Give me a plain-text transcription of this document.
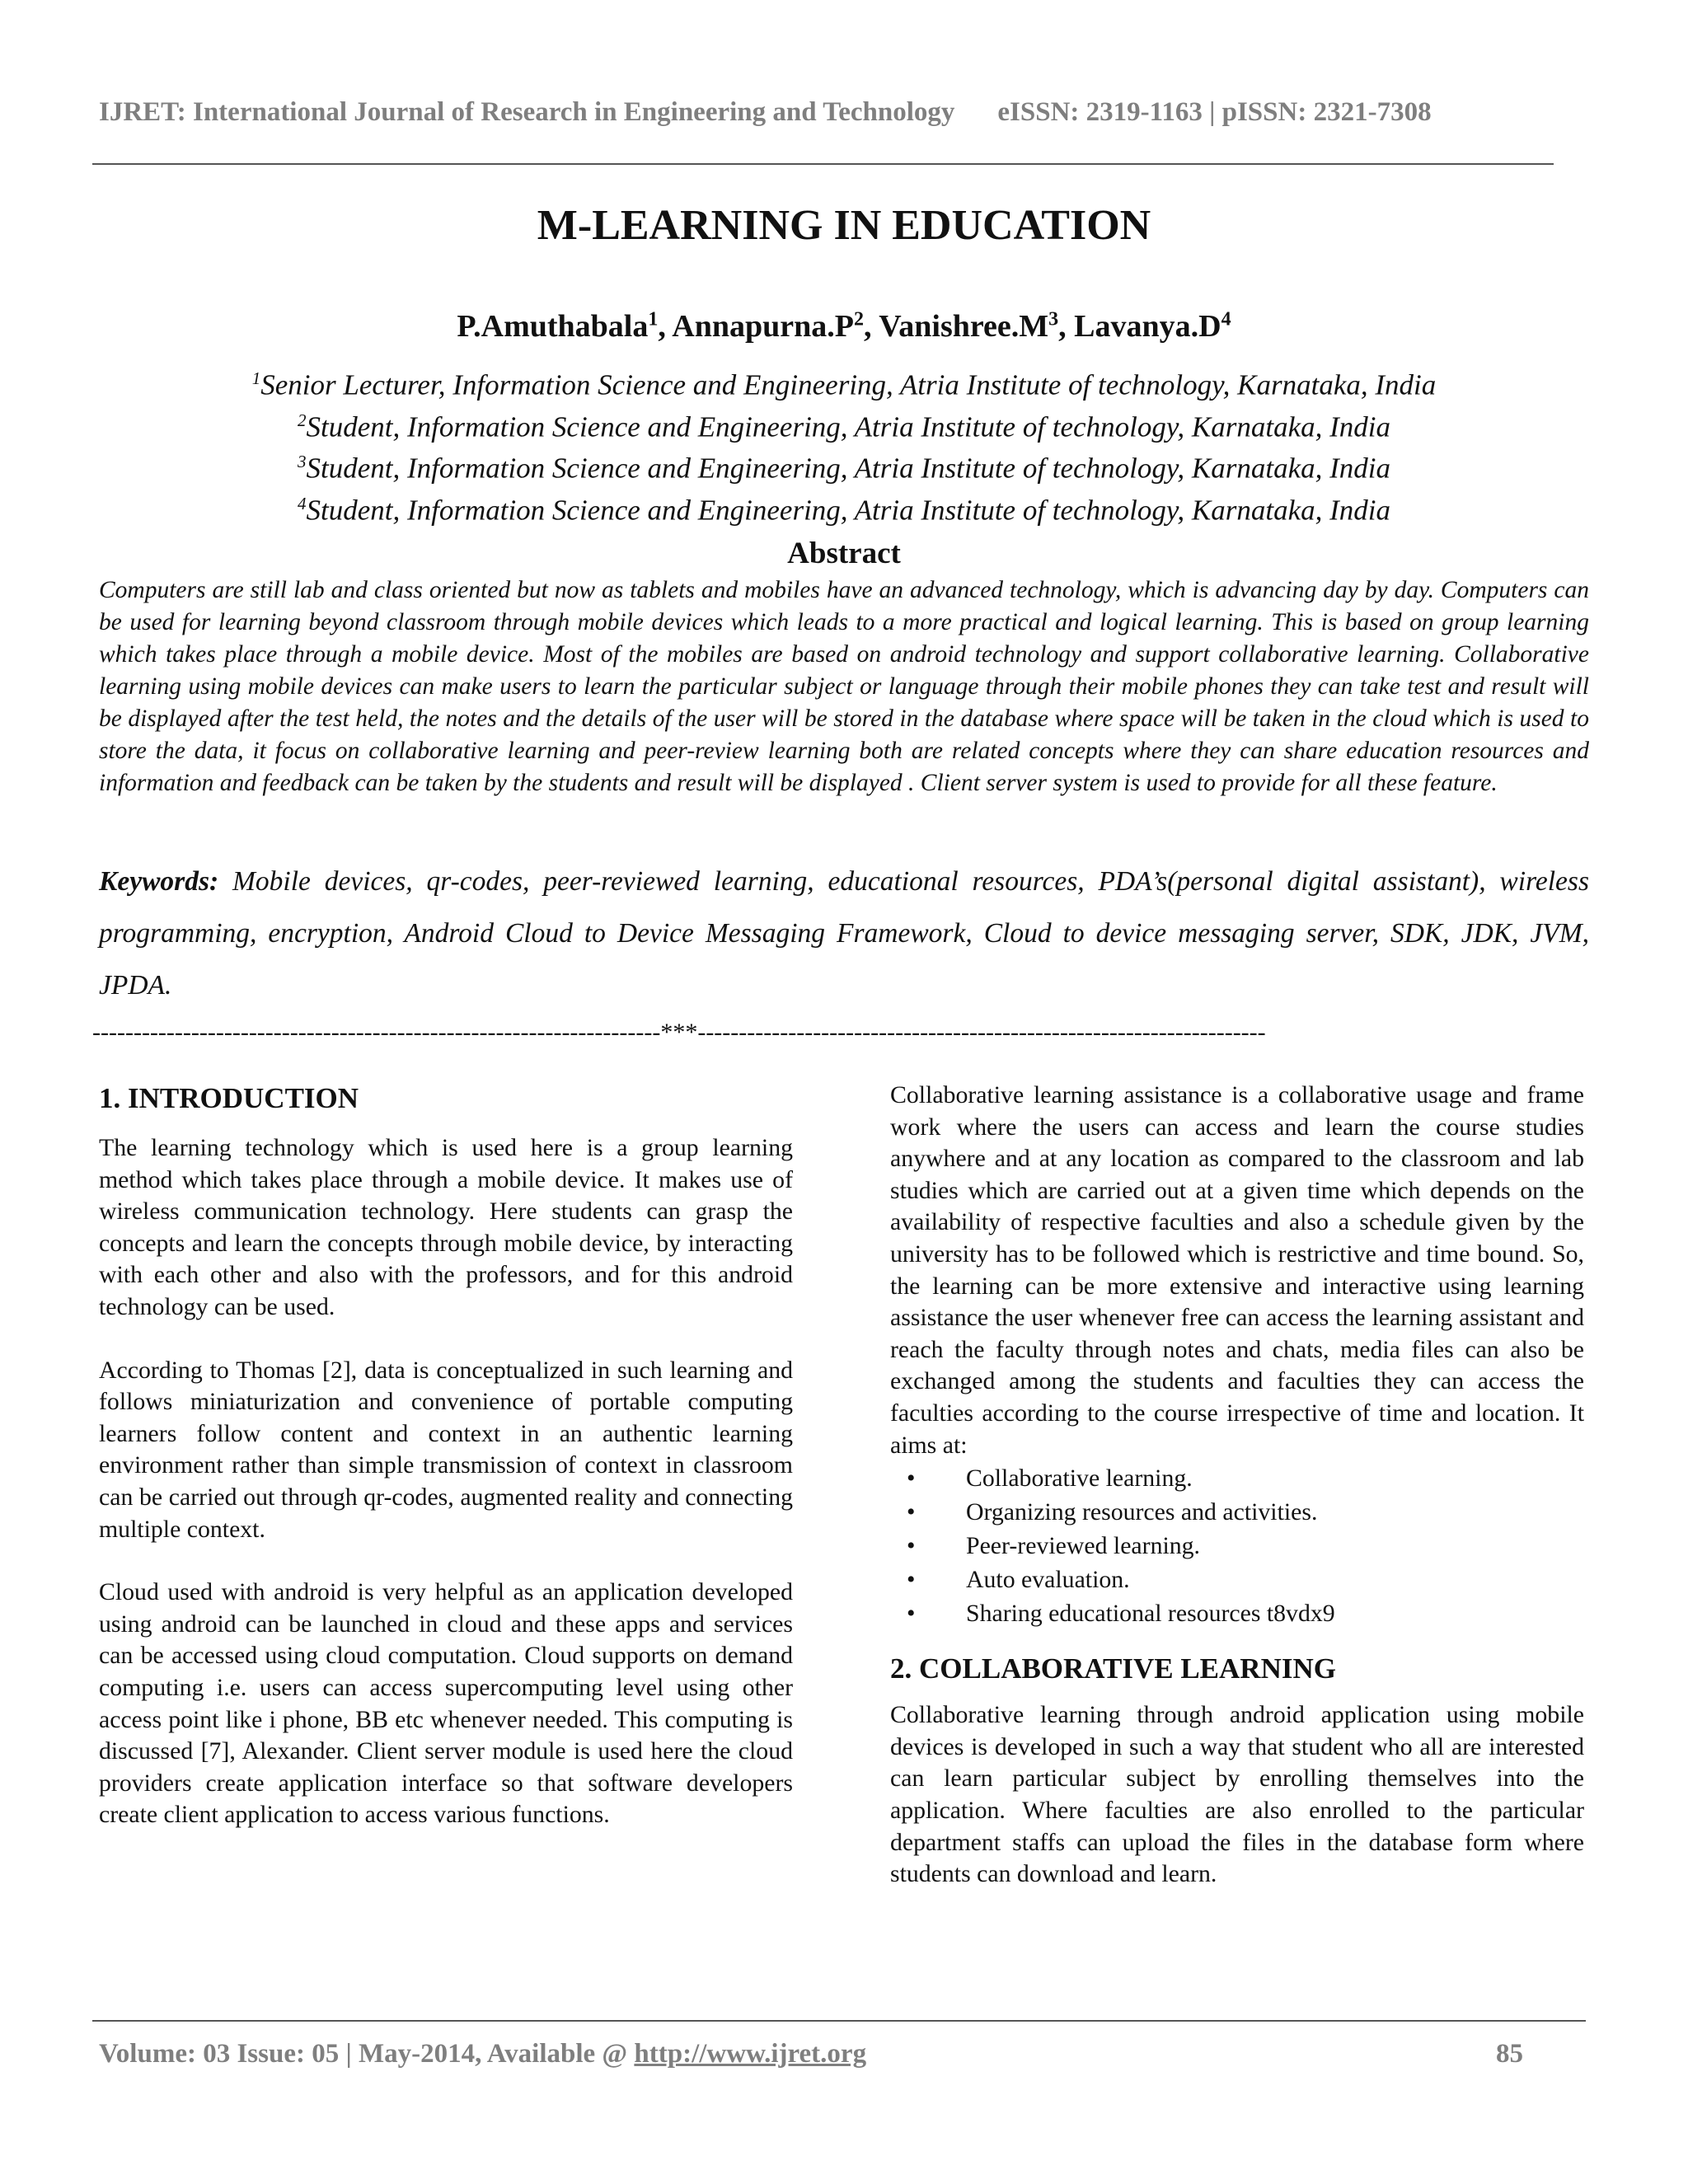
IJRET: International Journal of Research in Engineering and Technology eISSN: 2319-1163 | pISSN: 2321-7308
M-LEARNING IN EDUCATION
P.Amuthabala$^1$, $Annapurna.P^2$, $Vanishree.M^3$, $Lavanya.D^4$
$^1$Senior Lecturer, Information Science and Engineering, Atria Institute of technology, Karnataka, India
$^2$Student, Information Science and Engineering, Atria Institute of technology, Karnataka, India
$^3$Student, Information Science and Engineering, Atria Institute of technology, Karnataka, India
$^4$Student, Information Science and Engineering, Atria Institute of technology, Karnataka, India
Abstract
Computers are still lab and class oriented but now as tablets and mobiles have an advanced technology, which is advancing day by day. Computers can be used for learning beyond classroom through mobile devices which leads to a more practical and logical learning. This is based on group learning which takes place through a mobile device. Most of the mobiles are based on android technology and support collaborative learning. Collaborative learning using mobile devices can make users to learn the particular subject or language through their mobile phones they can take test and result will be displayed after the test held, the notes and the details of the user will be stored in the database where space will be taken in the cloud which is used to store the data, it focus on collaborative learning and peer-review learning both are related concepts where they can share education resources and information and feedback can be taken by the students and result will be displayed . Client server system is used to provide for all these feature.
Keywords: Mobile devices, qr-codes, peer-reviewed learning, educational resources, PDA’s(personal digital assistant), wireless programming, encryption, Android Cloud to Device Messaging Framework, Cloud to device messaging server, SDK, JDK, JVM, JPDA.
---------------------------------------------------------------------***---------------------------------------------------------------------
1. INTRODUCTION

The learning technology which is used here is a group learning method which takes place through a mobile device. It makes use of wireless communication technology. Here students can grasp the concepts and learn the concepts through mobile device, by interacting with each other and also with the professors, and for this android technology can be used.

According to Thomas [2], data is conceptualized in such learning and follows miniaturization and convenience of portable computing learners follow content and context in an authentic learning environment rather than simple transmission of context in classroom can be carried out through qr-codes, augmented reality and connecting multiple context.

Cloud used with android is very helpful as an application developed using android can be launched in cloud and these apps and services can be accessed using cloud computation. Cloud supports on demand computing i.e. users can access supercomputing level using other access point like i phone, BB etc whenever needed. This computing is discussed [7], Alexander. Client server module is used here the cloud providers create application interface so that software developers create client application to access various functions.

Collaborative learning assistance is a collaborative usage and frame work where the users can access and learn the course studies anywhere and at any location as compared to the classroom and lab studies which are carried out at a given time which depends on the availability of respective faculties and also a schedule given by the university has to be followed which is restrictive and time bound. So, the learning can be more extensive and interactive using learning assistance the user whenever free can access the learning assistant and reach the faculty through notes and chats, media files can also be exchanged among the students and faculties they can access the faculties according to the course irrespective of time and location. It aims at:

• Collaborative learning.
• Organizing resources and activities.
• Peer-reviewed learning.
• Auto evaluation.
• Sharing educational resources t8vdx9
2. COLLABORATIVE LEARNING

Collaborative learning through android application using mobile devices is developed in such a way that student who all are interested can learn particular subject by enrolling themselves into the application. Where faculties are also enrolled to the particular department staffs can upload the files in the database form where students can download and learn.

Volume: 03 Issue: 05 | May-2014, Available @ http://www.ijret.org	85
